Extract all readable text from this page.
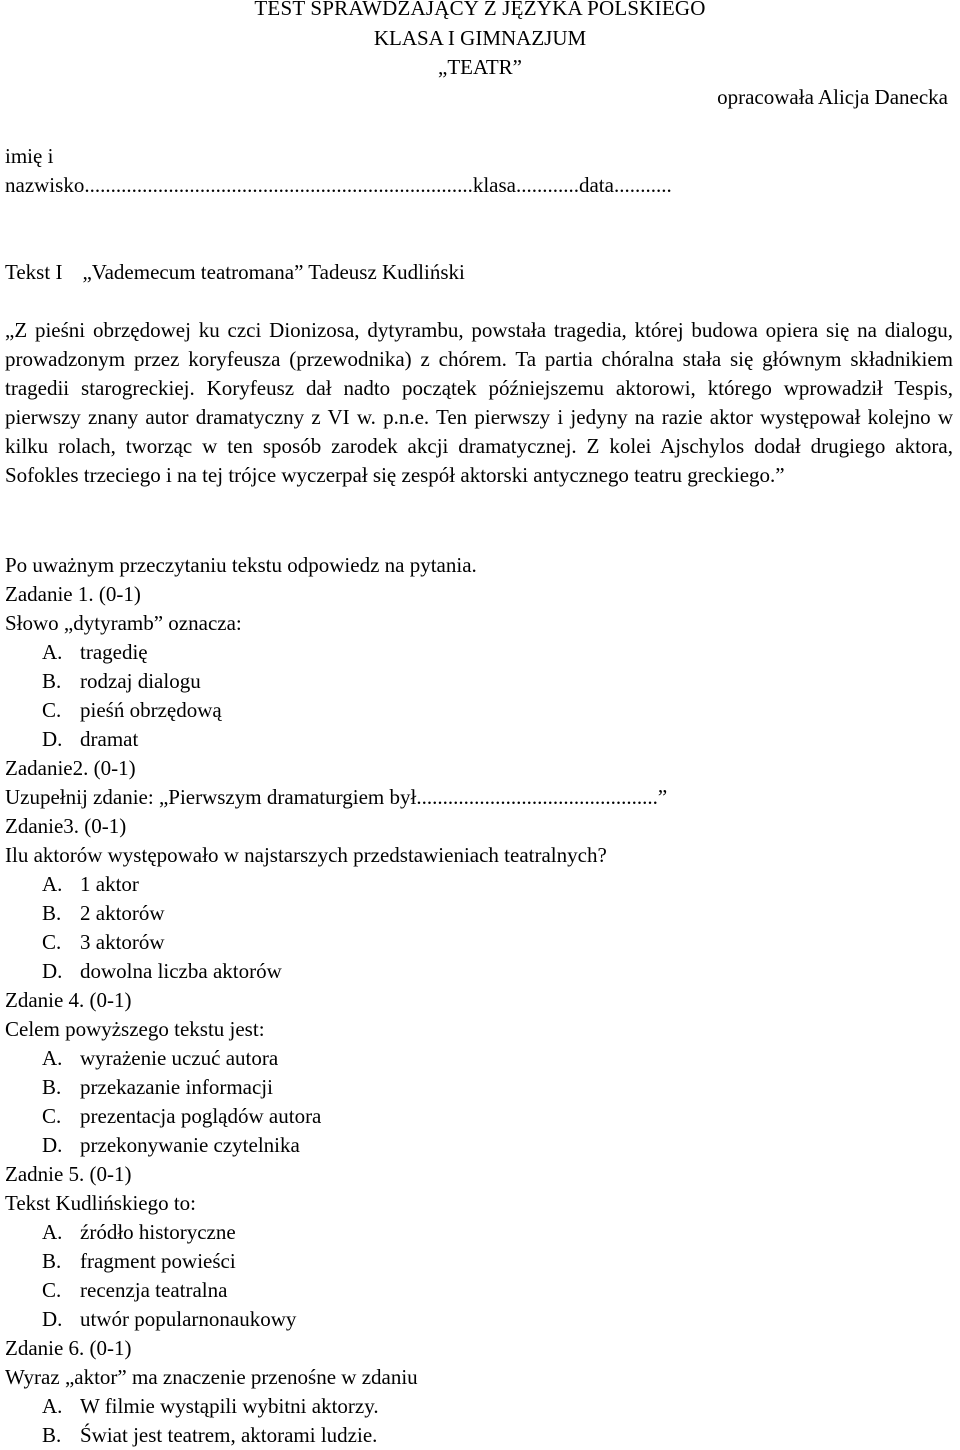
TEST SPRAWDZAJĄCY Z JĘZYKA POLSKIEGO
KLASA I GIMNAZJUM
„TEATR”
opracowała Alicja Danecka
imię i
nazwisko..........................................................................klasa............data...........
Tekst I „Vademecum teatromana” Tadeusz Kudliński

„Z pieśni obrzędowej ku czci Dionizosa, dytyrambu, powstała tragedia, której budowa opiera się na dialogu, prowadzonym przez koryfeusza (przewodnika) z chórem. Ta partia chóralna stała się głównym składnikiem tragedii starogreckiej. Koryfeusz dał nadto początek późniejszemu aktorowi, którego wprowadził Tespis, pierwszy znany autor dramatyczny z VI w. p.n.e. Ten pierwszy i jedyny na razie aktor występował kolejno w kilku rolach, tworząc w ten sposób zarodek akcji dramatycznej. Z kolei Ajschylos dodał drugiego aktora, Sofokles trzeciego i na tej trójce wyczerpał się zespół aktorski antycznego teatru greckiego.”

Po uważnym przeczytaniu tekstu odpowiedz na pytania.
Zadanie 1. (0-1)
Słowo „dytyramb” oznacza:
A. tragedię
B. rodzaj dialogu
C. pieśń obrzędową
D. dramat
Zadanie2. (0-1)
Uzupełnij zdanie: „Pierwszym dramaturgiem był..............................................”
Zdanie3. (0-1)
Ilu aktorów występowało w najstarszych przedstawieniach teatralnych?
A. 1 aktor
B. 2 aktorów
C. 3 aktorów
D. dowolna liczba aktorów
Zdanie 4. (0-1)
Celem powyższego tekstu jest:
A. wyrażenie uczuć autora
B. przekazanie informacji
C. prezentacja poglądów autora
D. przekonywanie czytelnika
Zadnie 5. (0-1)
Tekst Kudlińskiego to:
A. źródło historyczne
B. fragment powieści
C. recenzja teatralna
D. utwór popularnonaukowy
Zdanie 6. (0-1)
Wyraz „aktor” ma znaczenie przenośne w zdaniu
A. W filmie wystąpili wybitni aktorzy.
B. Świat jest teatrem, aktorami ludzie.
